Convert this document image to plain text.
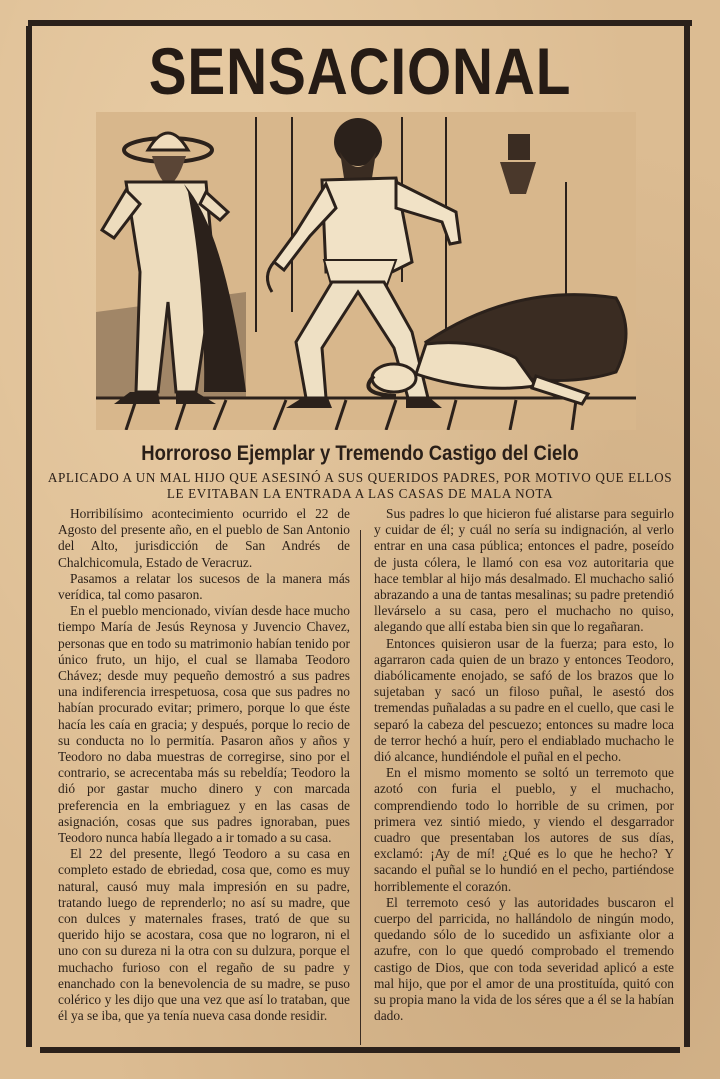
SENSACIONAL
Horroroso Ejemplar y Tremendo Castigo del Cielo
APLICADO A UN MAL HIJO QUE ASESINÓ A SUS QUERIDOS PADRES, POR MOTIVO QUE ELLOS LE EVITABAN LA ENTRADA A LAS CASAS DE MALA NOTA

Horribilísimo acontecimiento ocurrido el 22 de Agosto del presente año, en el pueblo de San Antonio del Alto, jurisdicción de San Andrés de Chalchicomula, Estado de Veracruz.

Pasamos a relatar los sucesos de la manera más verídica, tal como pasaron.

En el pueblo mencionado, vivían desde hace mucho tiempo María de Jesús Reynosa y Juvencio Chavez, personas que en todo su matrimonio habían tenido por único fruto, un hijo, el cual se llamaba Teodoro Chávez; desde muy pequeño demostró a sus padres una indiferencia irrespetuosa, cosa que sus padres no habían procurado evitar; primero, porque lo que éste hacía les caía en gracia; y después, porque lo recio de su conducta no lo permitía. Pasaron años y años y Teodoro no daba muestras de corregirse, sino por el contrario, se acrecentaba más su rebeldía; Teodoro la dió por gastar mucho dinero y con marcada preferencia en la embriaguez y en las casas de asignación, cosas que sus padres ignoraban, pues Teodoro nunca había llegado a ir tomado a su casa.

El 22 del presente, llegó Teodoro a su casa en completo estado de ebriedad, cosa que, como es muy natural, causó muy mala impresión en su padre, tratando luego de reprenderlo; no así su madre, que con dulces y maternales frases, trató de que su querido hijo se acostara, cosa que no lograron, ni el uno con su dureza ni la otra con su dulzura, porque el muchacho furioso con el regaño de su padre y enanchado con la benevolencia de su madre, se puso colérico y les dijo que una vez que así lo trataban, que él ya se iba, que ya tenía nueva casa donde residir.

Sus padres lo que hicieron fué alistarse para seguirlo y cuidar de él; y cuál no sería su indignación, al verlo entrar en una casa pública; entonces el padre, poseído de justa cólera, le llamó con esa voz autoritaria que hace temblar al hijo más desalmado. El muchacho salió abrazando a una de tantas mesalinas; su padre pretendió llevárselo a su casa, pero el muchacho no quiso, alegando que allí estaba bien sin que lo regañaran.

Entonces quisieron usar de la fuerza; para esto, lo agarraron cada quien de un brazo y entonces Teodoro, diabólicamente enojado, se safó de los brazos que lo sujetaban y sacó un filoso puñal, le asestó dos tremendas puñaladas a su padre en el cuello, que casi le separó la cabeza del pescuezo; entonces su madre loca de terror hechó a huír, pero el endiablado muchacho le dió alcance, hundiéndole el puñal en el pecho.

En el mismo momento se soltó un terremoto que azotó con furia el pueblo, y el muchacho, comprendiendo todo lo horrible de su crimen, por primera vez sintió miedo, y viendo el desgarrador cuadro que presentaban los autores de sus días, exclamó: ¡Ay de mí! ¿Qué es lo que he hecho? Y sacando el puñal se lo hundió en el pecho, partiéndose horriblemente el corazón.

El terremoto cesó y las autoridades buscaron el cuerpo del parricida, no hallándolo de ningún modo, quedando sólo de lo sucedido un asfixiante olor a azufre, con lo que quedó comprobado el tremendo castigo de Dios, que con toda severidad aplicó a este mal hijo, que por el amor de una prostituída, quitó con su propia mano la vida de los séres que a él se la habían dado.
